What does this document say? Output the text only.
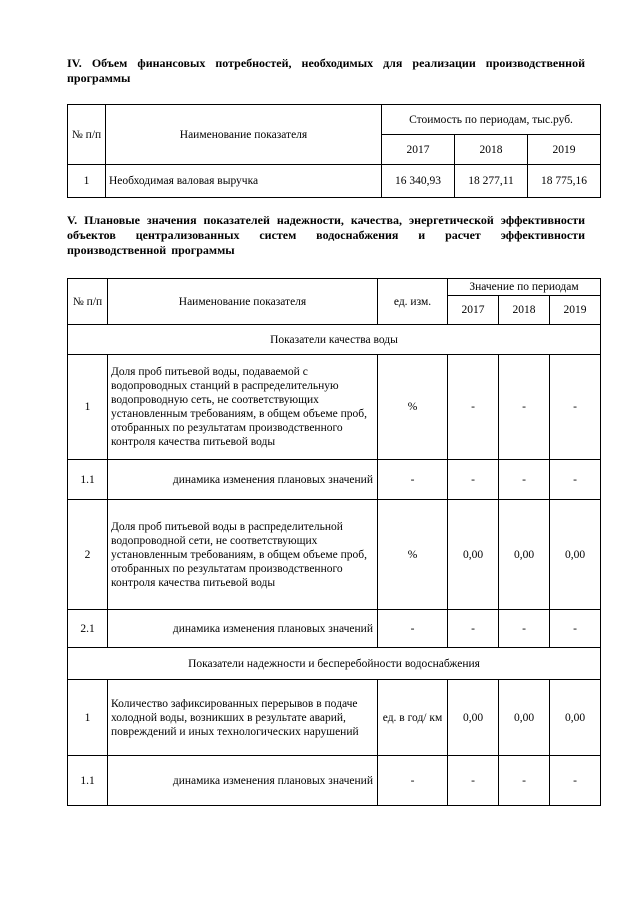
IV. Объем финансовых потребностей, необходимых для реализации производственной программы
№ п/п	Наименование показателя	Стоимость по периодам, тыс.руб.		
		2017	2018	2019
1	Необходимая валовая выручка	16 340,93	18 277,11	18 775,16
V. Плановые значения показателей надежности, качества, энергетической эффективности объектов централизованных систем водоснабжения и расчет эффективности производственной программы
№ п/п	Наименование показателя	ед. изм.	Значение по периодам		
			2017	2018	2019
Показатели качества воды					
1	Доля проб питьевой воды, подаваемой с водопроводных станций в распределительную водопроводную сеть, не соответствующих установленным требованиям, в общем объеме проб, отобранных по результатам производственного контроля качества питьевой воды	%	-	-	-
1.1	динамика изменения плановых значений	-	-	-	-
2	Доля проб питьевой воды в распределительной водопроводной сети, не соответствующих установленным требованиям, в общем объеме проб, отобранных по результатам производственного контроля качества питьевой воды	%	0,00	0,00	0,00
2.1	динамика изменения плановых значений	-	-	-	-
Показатели надежности и бесперебойности водоснабжения					
1	Количество зафиксированных перерывов в подаче холодной воды, возникших в результате аварий, повреждений и иных технологических нарушений	ед. в год/ км	0,00	0,00	0,00
1.1	динамика изменения плановых значений	-	-	-	-
